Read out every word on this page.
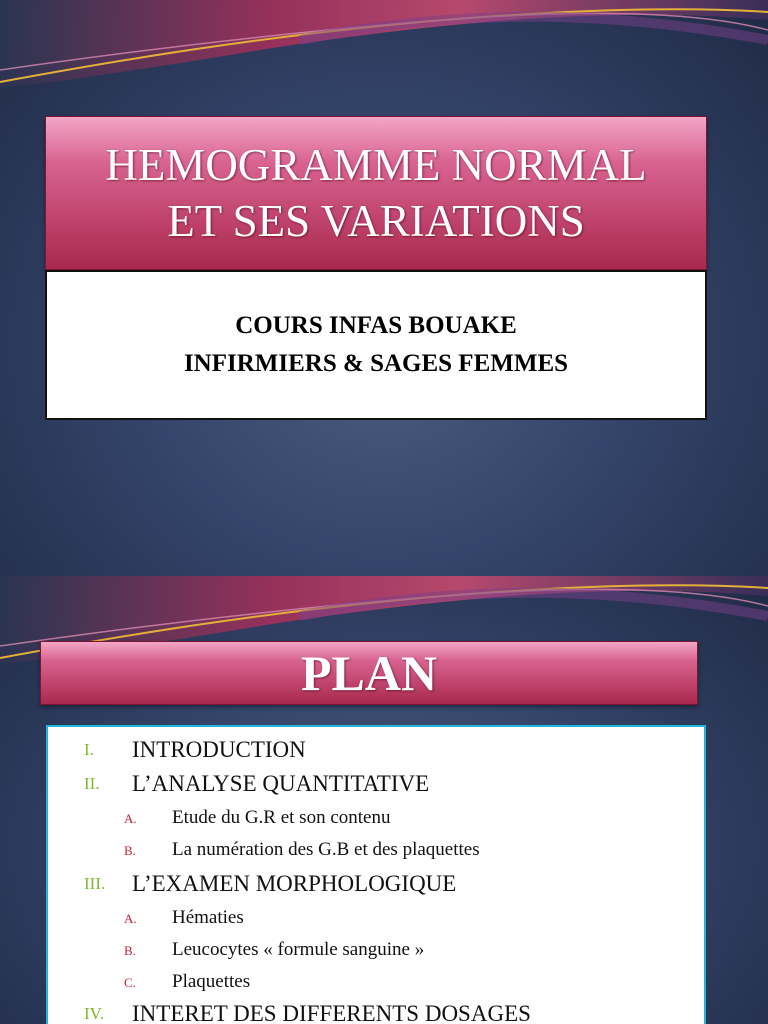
HEMOGRAMME NORMAL
ET SES VARIATIONS
COURS INFAS BOUAKE
INFIRMIERS & SAGES FEMMES
PLAN
I. INTRODUCTION
II. L’ANALYSE QUANTITATIVE
A. Etude du G.R et son contenu
B. La numération des G.B et des plaquettes
III. L’EXAMEN MORPHOLOGIQUE
A. Hématies
B. Leucocytes « formule sanguine »
C. Plaquettes
IV. INTERET DES DIFFERENTS DOSAGES
